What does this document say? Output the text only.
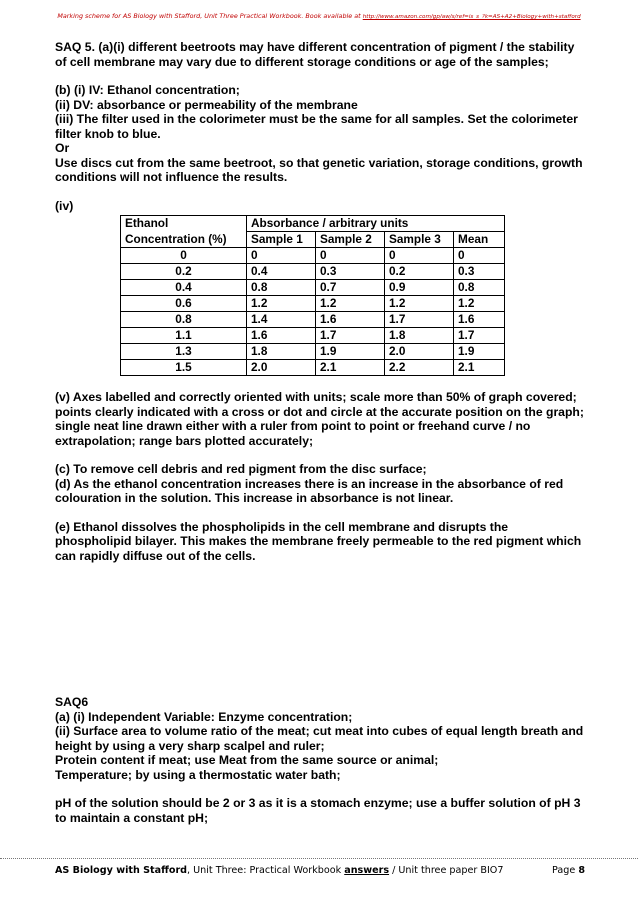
Marking scheme for AS Biology with Stafford, Unit Three Practical Workbook. Book available at http://www.amazon.com/gp/aw/s/ref=is_s_?k=AS+A2+Biology+with+stafford

SAQ 5. (a)(i) different beetroots may have different concentration of pigment / the stability of cell membrane may vary due to different storage conditions or age of the samples;

(b) (i) IV: Ethanol concentration;

(ii) DV: absorbance or permeability of the membrane

(iii) The filter used in the colorimeter must be the same for all samples. Set the colorimeter filter knob to blue.

Or

Use discs cut from the same beetroot, so that genetic variation, storage conditions, growth conditions will not influence the results.

(iv)

Ethanol	Absorbance / arbitrary units			
Concentration (%)	Sample 1	Sample 2	Sample 3	Mean
0	0	0	0	0
0.2	0.4	0.3	0.2	0.3
0.4	0.8	0.7	0.9	0.8
0.6	1.2	1.2	1.2	1.2
0.8	1.4	1.6	1.7	1.6
1.1	1.6	1.7	1.8	1.7
1.3	1.8	1.9	2.0	1.9
1.5	2.0	2.1	2.2	2.1

(v) Axes labelled and correctly oriented with units; scale more than 50% of graph covered; points clearly indicated with a cross or dot and circle at the accurate position on the graph; single neat line drawn either with a ruler from point to point or freehand curve / no extrapolation; range bars plotted accurately;

(c) To remove cell debris and red pigment from the disc surface;

(d) As the ethanol concentration increases there is an increase in the absorbance of red colouration in the solution. This increase in absorbance is not linear.

(e) Ethanol dissolves the phospholipids in the cell membrane and disrupts the phospholipid bilayer. This makes the membrane freely permeable to the red pigment which can rapidly diffuse out of the cells.

SAQ6

(a) (i) Independent Variable: Enzyme concentration;

(ii) Surface area to volume ratio of the meat; cut meat into cubes of equal length breath and height by using a very sharp scalpel and ruler;

Protein content if meat; use Meat from the same source or animal;

Temperature; by using a thermostatic water bath;

pH of the solution should be 2 or 3 as it is a stomach enzyme; use a buffer solution of pH 3 to maintain a constant pH;

AS Biology with Stafford, Unit Three: Practical Workbook answers / Unit three paper BIO7	Page 8
